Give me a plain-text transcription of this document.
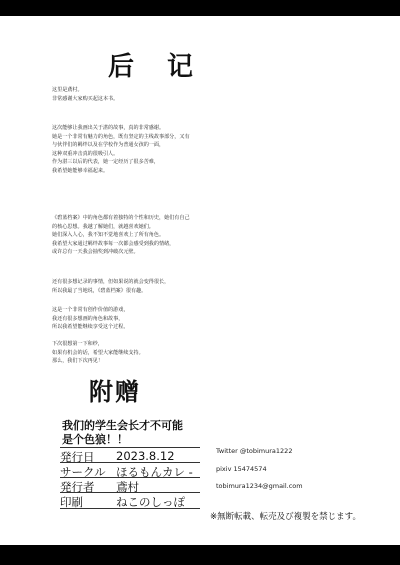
后 记
这里是鳶村。
非常感谢大家购买起这本书。
这次能够让我画出关于湛的故事，真的非常感谢。
她是一个非常有魅力的角色，既有坚定的主线故事部分，又有
与伙伴们的羁绊以及在学校作为普通女孩的一面，
这种双重冲击真的很吸引人。
作为湛三以后的代表，她一定经历了很多苦难，
我希望她能够幸福起来。
《碧蓝档案》中的角色都有着独特的个性和历史，她们有自己
的核心思想。我越了解她们，就越喜欢她们。
她们深入人心，我不知不觉地喜欢上了所有角色。
我希望大家通过羁绊故事每一次都会感受到我的情绪，
或许总有一天我会抽奖到冲破次元壁。
还有很多想记录的事情，但如果说的就会变得很长，
所以我最了当地说，《碧蓝档案》很有趣。
这是一个非常有创作价值的游戏，
我还有很多想画的角色和故事，
所以我希望能继续享受这个过程。
下次很想第一下和纱，
如果有机会的话，希望大家能继续支持。
那么，我们下次再见！
附赠
我们的学生会长才不可能
是个色狼！！
発行日 2023.8.12
サークル ほるもんカレ -
発行者 鳶村
印刷	ねこのしっぽ
Twitter @tobimura1222
pixiv 15474574
tobimura1234@gmail.com
※無断転載、転売及び複製を禁じます。
